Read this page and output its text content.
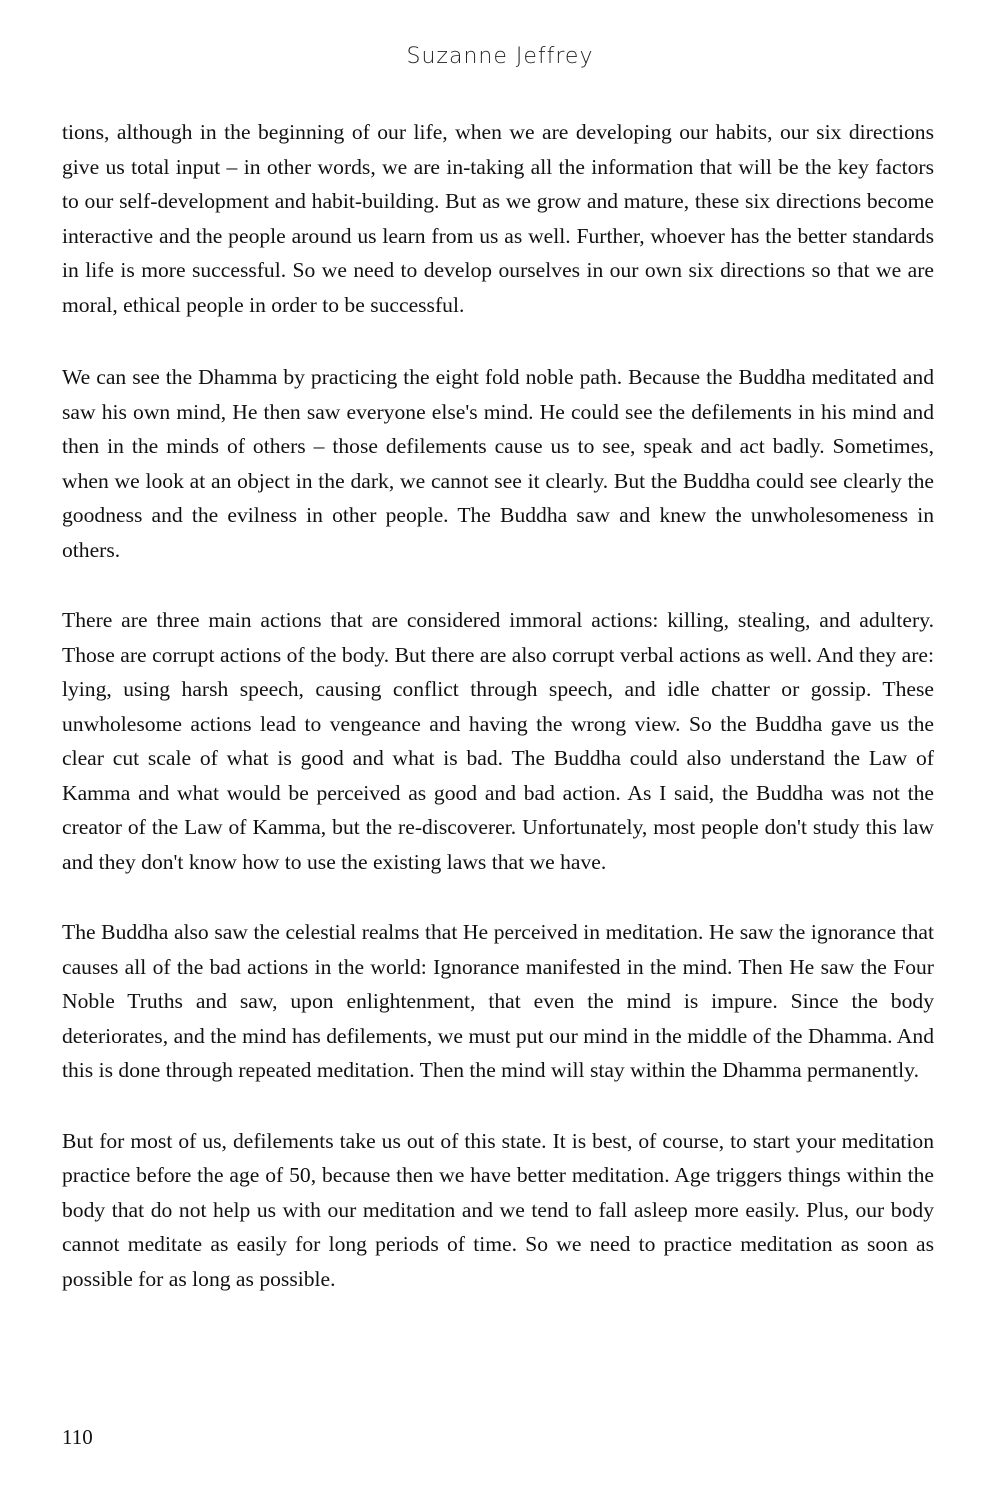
Suzanne Jeffrey

tions, although in the beginning of our life, when we are developing our habits, our six directions give us total input – in other words, we are in-taking all the information that will be the key factors to our self-development and habit-building. But as we grow and mature, these six directions become interactive and the people around us learn from us as well. Further, whoever has the better standards in life is more successful. So we need to develop ourselves in our own six directions so that we are moral, ethical people in order to be successful.

We can see the Dhamma by practicing the eight fold noble path. Because the Buddha meditated and saw his own mind, He then saw everyone else's mind. He could see the defilements in his mind and then in the minds of others – those defilements cause us to see, speak and act badly. Sometimes, when we look at an object in the dark, we cannot see it clearly. But the Buddha could see clearly the goodness and the evilness in other people. The Buddha saw and knew the unwholesomeness in others.

There are three main actions that are considered immoral actions: killing, stealing, and adultery. Those are corrupt actions of the body. But there are also corrupt verbal actions as well. And they are: lying, using harsh speech, causing conflict through speech, and idle chatter or gossip. These unwholesome actions lead to vengeance and having the wrong view. So the Buddha gave us the clear cut scale of what is good and what is bad. The Buddha could also understand the Law of Kamma and what would be perceived as good and bad action. As I said, the Buddha was not the creator of the Law of Kamma, but the re-discoverer. Unfortunately, most people don't study this law and they don't know how to use the existing laws that we have.

The Buddha also saw the celestial realms that He perceived in meditation. He saw the ignorance that causes all of the bad actions in the world: Ignorance manifested in the mind. Then He saw the Four Noble Truths and saw, upon enlightenment, that even the mind is impure. Since the body deteriorates, and the mind has defilements, we must put our mind in the middle of the Dhamma. And this is done through repeated meditation. Then the mind will stay within the Dhamma permanently.

But for most of us, defilements take us out of this state. It is best, of course, to start your meditation practice before the age of 50, because then we have better meditation. Age triggers things within the body that do not help us with our meditation and we tend to fall asleep more easily. Plus, our body cannot meditate as easily for long periods of time. So we need to practice meditation as soon as possible for as long as possible.

110
